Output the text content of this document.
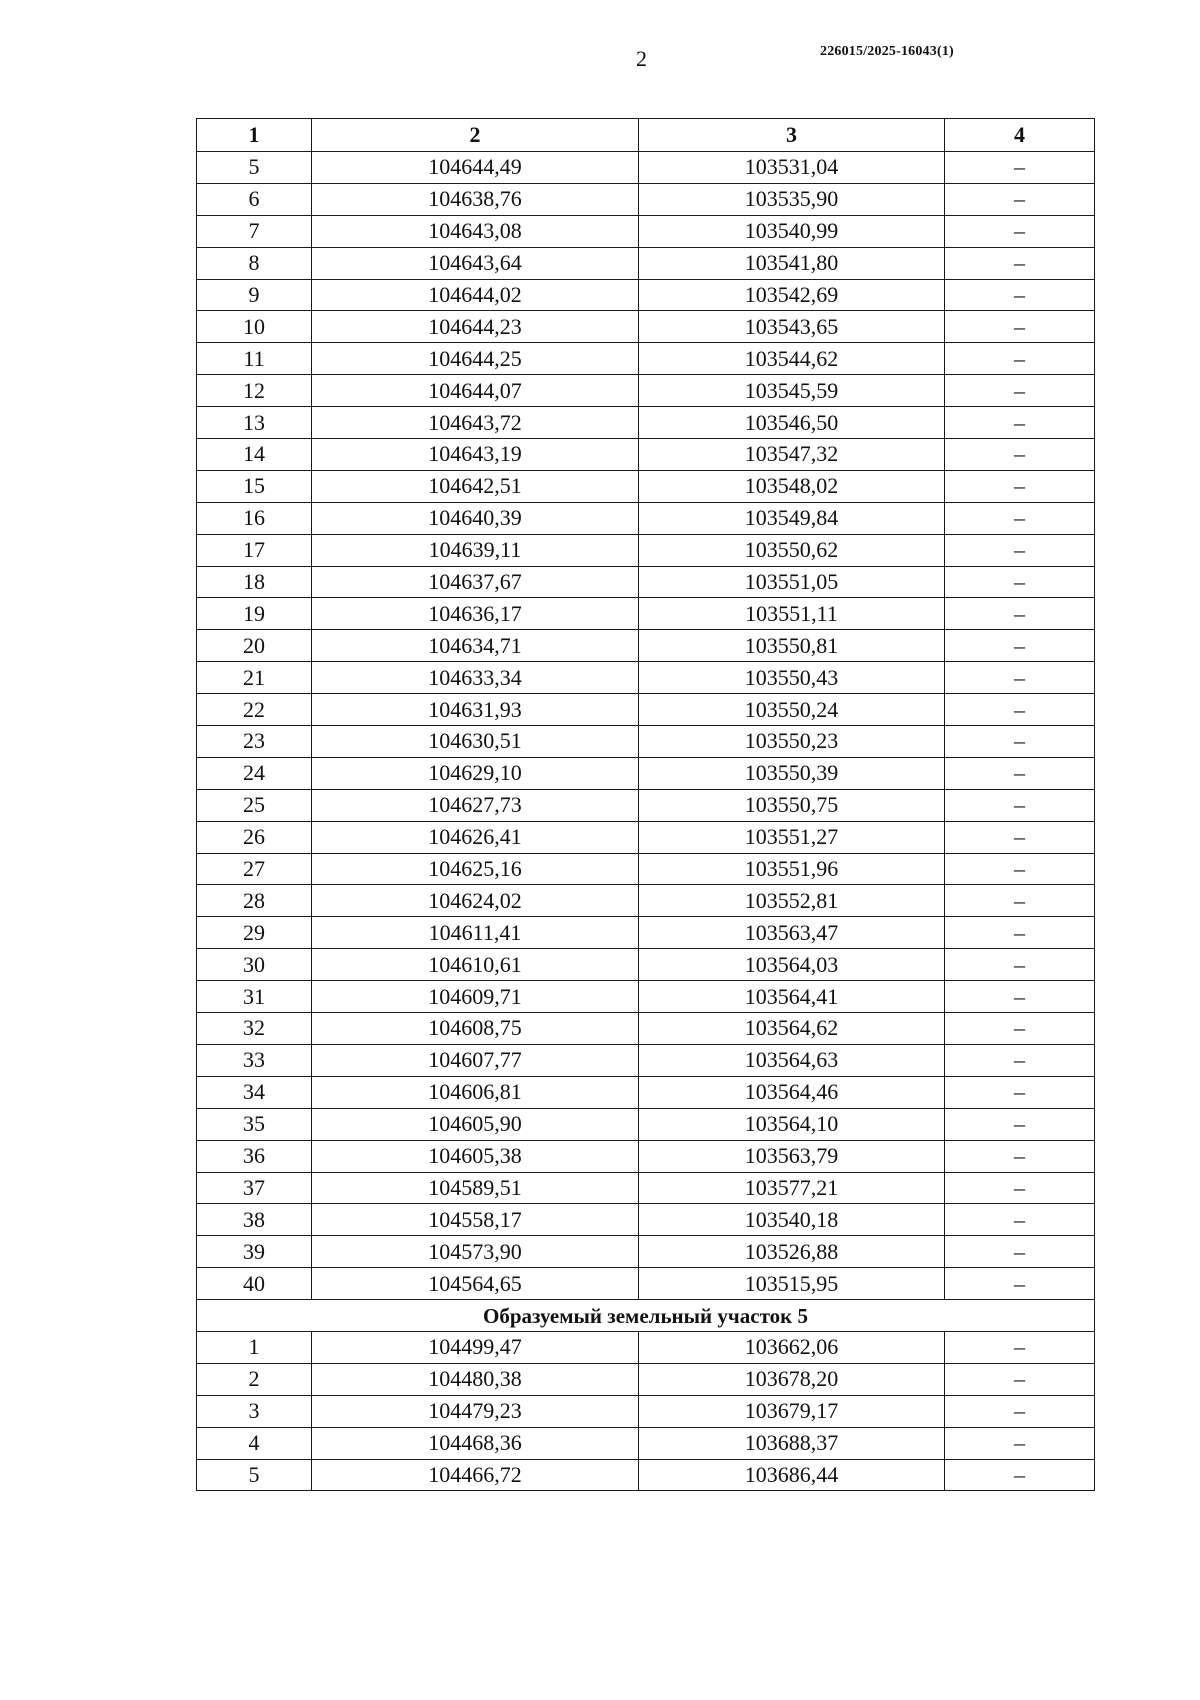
2	226015/2025-16043(1)
1	2	3	4
5	104644,49	103531,04	–
6	104638,76	103535,90	–
7	104643,08	103540,99	–
8	104643,64	103541,80	–
9	104644,02	103542,69	–
10	104644,23	103543,65	–
11	104644,25	103544,62	–
12	104644,07	103545,59	–
13	104643,72	103546,50	–
14	104643,19	103547,32	–
15	104642,51	103548,02	–
16	104640,39	103549,84	–
17	104639,11	103550,62	–
18	104637,67	103551,05	–
19	104636,17	103551,11	–
20	104634,71	103550,81	–
21	104633,34	103550,43	–
22	104631,93	103550,24	–
23	104630,51	103550,23	–
24	104629,10	103550,39	–
25	104627,73	103550,75	–
26	104626,41	103551,27	–
27	104625,16	103551,96	–
28	104624,02	103552,81	–
29	104611,41	103563,47	–
30	104610,61	103564,03	–
31	104609,71	103564,41	–
32	104608,75	103564,62	–
33	104607,77	103564,63	–
34	104606,81	103564,46	–
35	104605,90	103564,10	–
36	104605,38	103563,79	–
37	104589,51	103577,21	–
38	104558,17	103540,18	–
39	104573,90	103526,88	–
40	104564,65	103515,95	–
Образуемый земельный участок 5			
1	104499,47	103662,06	–
2	104480,38	103678,20	–
3	104479,23	103679,17	–
4	104468,36	103688,37	–
5	104466,72	103686,44	–
